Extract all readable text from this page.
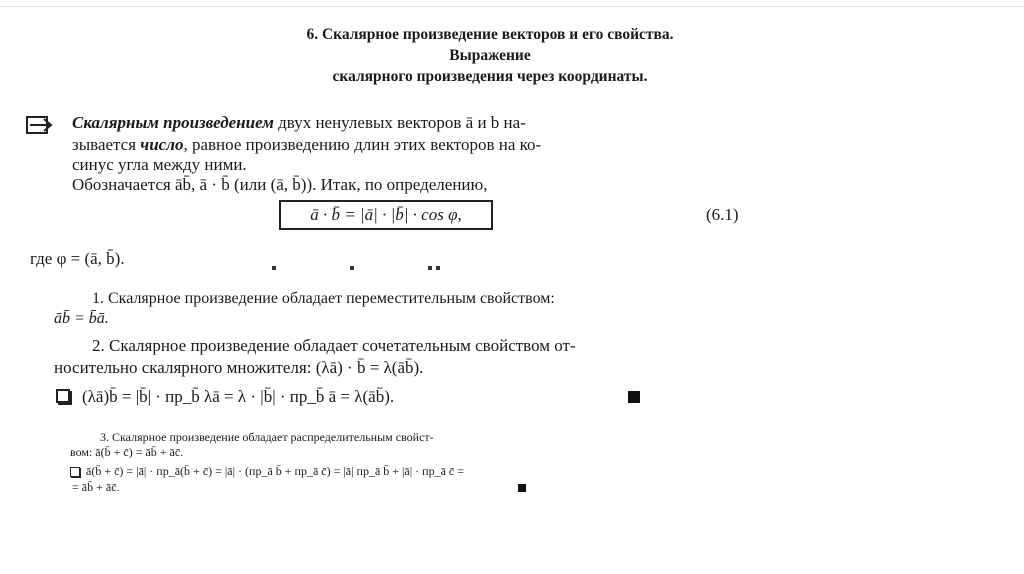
6. Скалярное произведение векторов и его свойства.
Выражение
скалярного произведения через координаты.
Скалярным произведением двух ненулевых векторов ā и b на-
зывается число, равное произведению длин этих векторов на ко-
синус угла между ними.
Обозначается āb̄, ā · b̄ (или (ā, b̄)). Итак, по определению,
ā · b̄ = |ā| · |b̄| · cos φ,	(6.1)
где φ = (ā, b̄).
1. Скалярное произведение обладает переместительным свойством:
āb̄ = b̄ā.
2. Скалярное произведение обладает сочетательным свойством от-
носительно скалярного множителя: (λā) · b̄ = λ(āb̄).
(λā)b̄ = |b̄| · пр_b̄ λā = λ · |b̄| · пр_b̄ ā = λ(āb̄).
3. Скалярное произведение обладает распределительным свойст-
вом: ā(b̄ + c̄) = āb̄ + āc̄.
ā(b̄ + c̄) = |ā| · пр_ā(b̄ + c̄) = |ā| · (пр_ā b̄ + пр_ā c̄) = |ā| пр_ā b̄ + |ā| · пр_ā c̄ =
= āb̄ + āc̄.
